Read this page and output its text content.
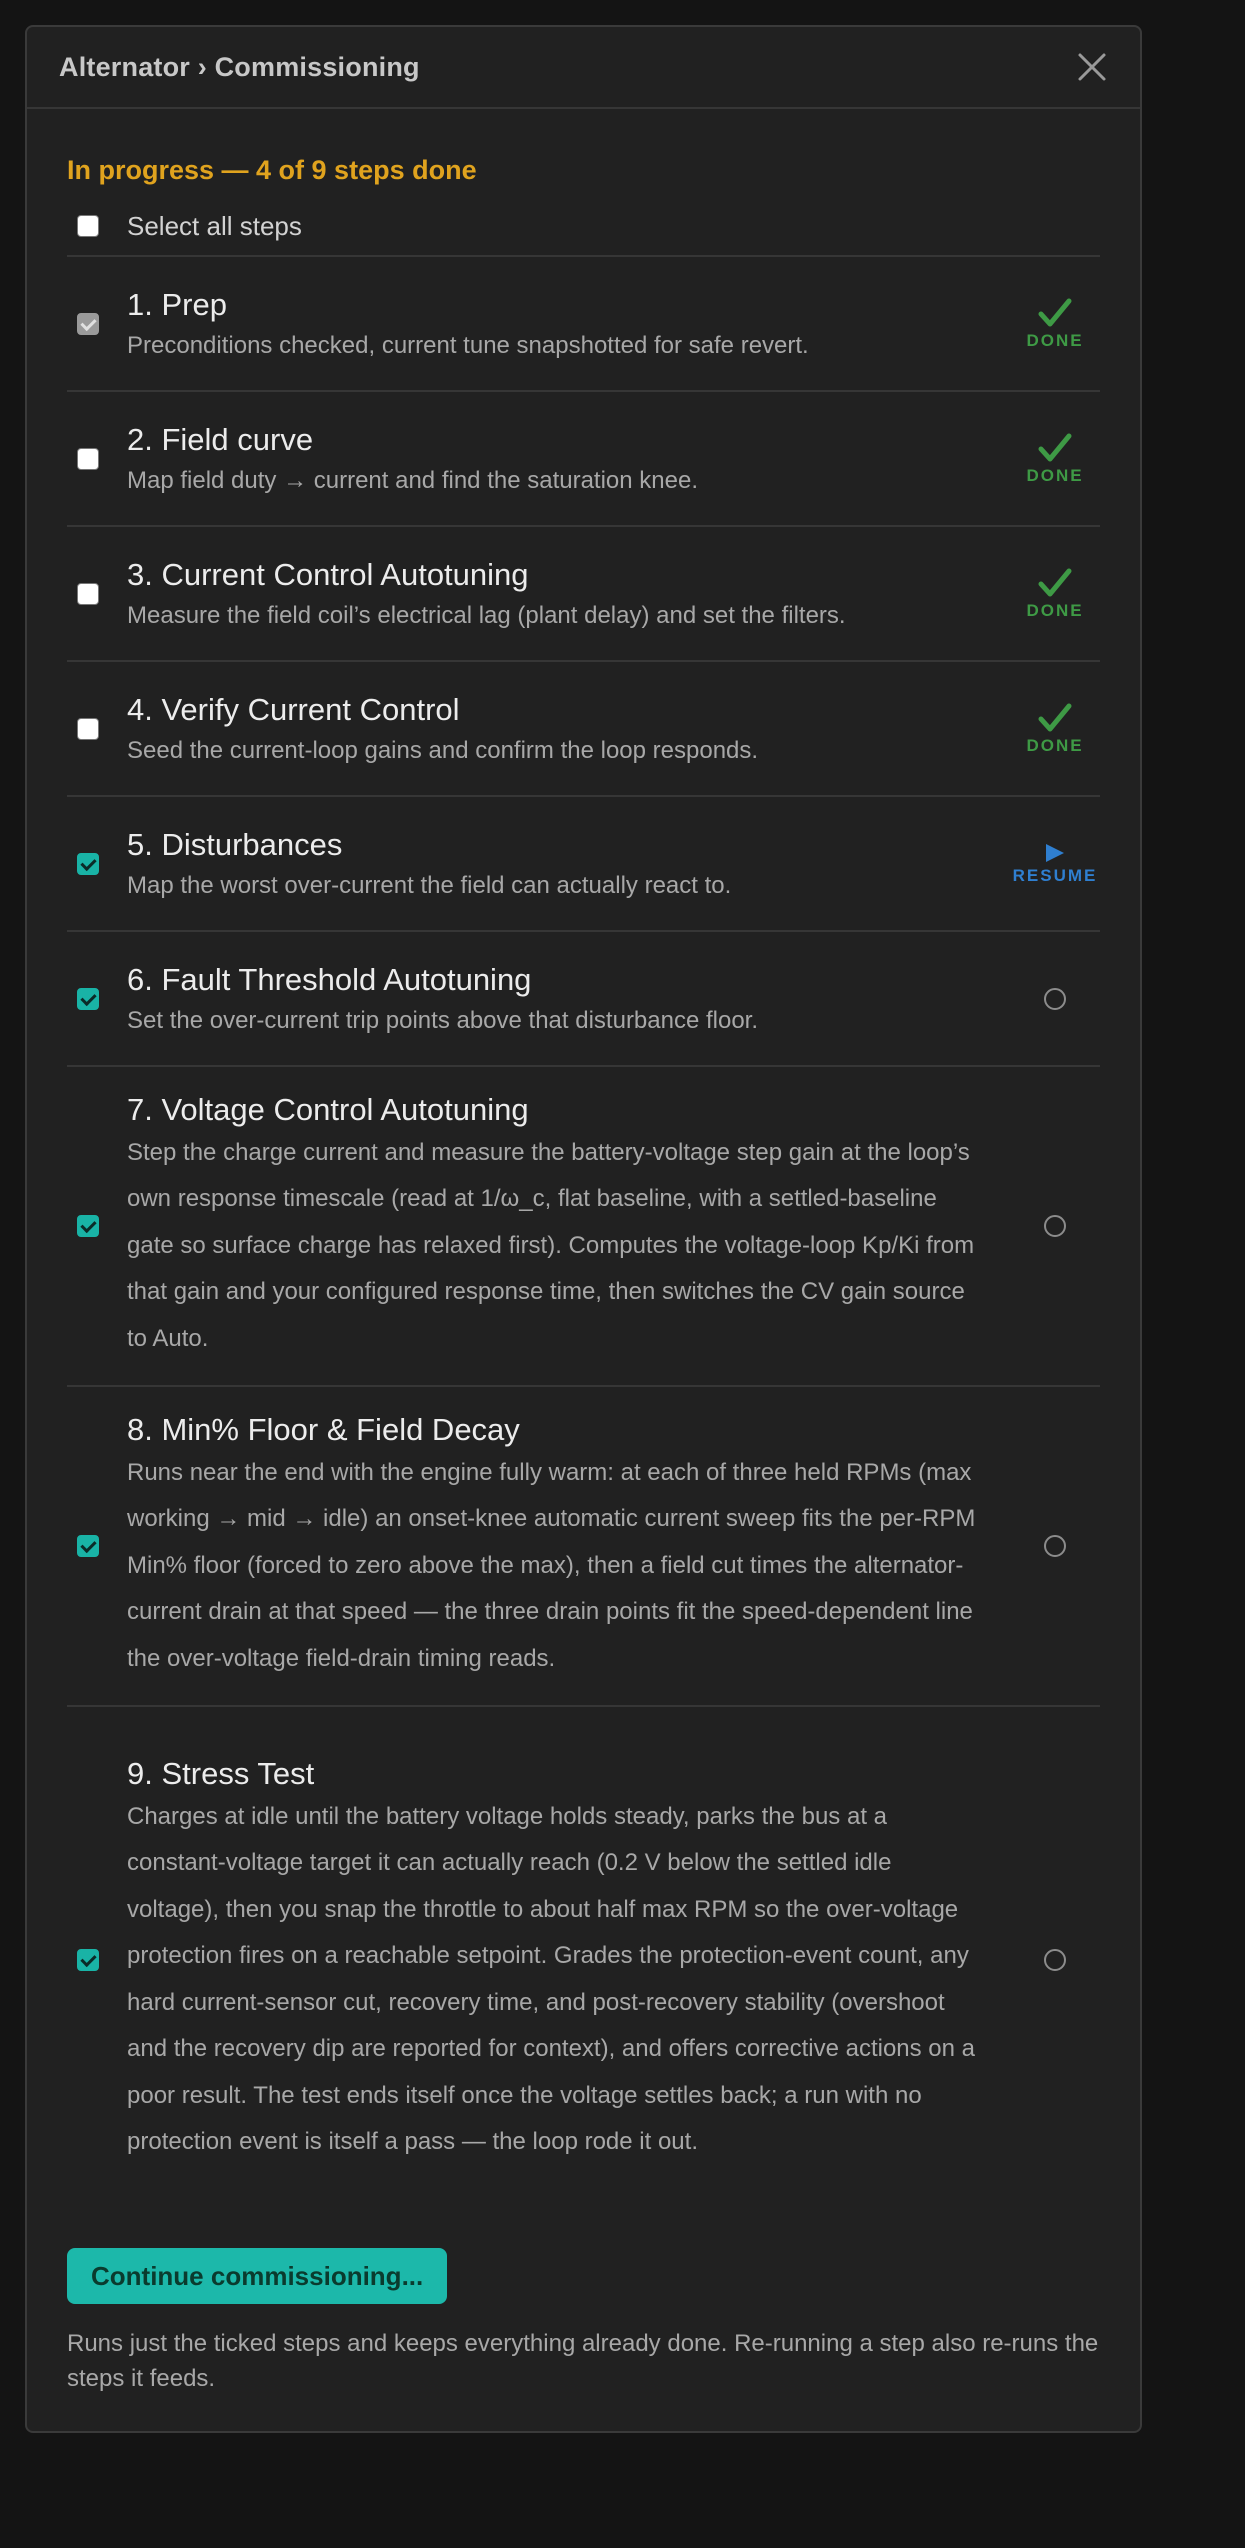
Alternator › Commissioning
In progress — 4 of 9 steps done
Select all steps
1. Prep
Preconditions checked, current tune snapshotted for safe revert.	DONE
2. Field curve
Map field duty → current and find the saturation knee.	DONE
3. Current Control Autotuning
Measure the field coil’s electrical lag (plant delay) and set the filters.	DONE
4. Verify Current Control
Seed the current-loop gains and confirm the loop responds.	DONE
5. Disturbances
Map the worst over-current the field can actually react to.	RESUME
6. Fault Threshold Autotuning
Set the over-current trip points above that disturbance floor.
7. Voltage Control Autotuning
Step the charge current and measure the battery-voltage step gain at the loop’s own response timescale (read at 1/ω_c, flat baseline, with a settled-baseline gate so surface charge has relaxed first). Computes the voltage-loop Kp/Ki from that gain and your configured response time, then switches the CV gain source to Auto.
8. Min% Floor & Field Decay
Runs near the end with the engine fully warm: at each of three held RPMs (max working → mid → idle) an onset-knee automatic current sweep fits the per-RPM Min% floor (forced to zero above the max), then a field cut times the alternator-current drain at that speed — the three drain points fit the speed-dependent line the over-voltage field-drain timing reads.
9. Stress Test
Charges at idle until the battery voltage holds steady, parks the bus at a constant-voltage target it can actually reach (0.2 V below the settled idle voltage), then you snap the throttle to about half max RPM so the over-voltage protection fires on a reachable setpoint. Grades the protection-event count, any hard current-sensor cut, recovery time, and post-recovery stability (overshoot and the recovery dip are reported for context), and offers corrective actions on a poor result. The test ends itself once the voltage settles back; a run with no protection event is itself a pass — the loop rode it out.
Continue commissioning...
Runs just the ticked steps and keeps everything already done. Re-running a step also re-runs the steps it feeds.
